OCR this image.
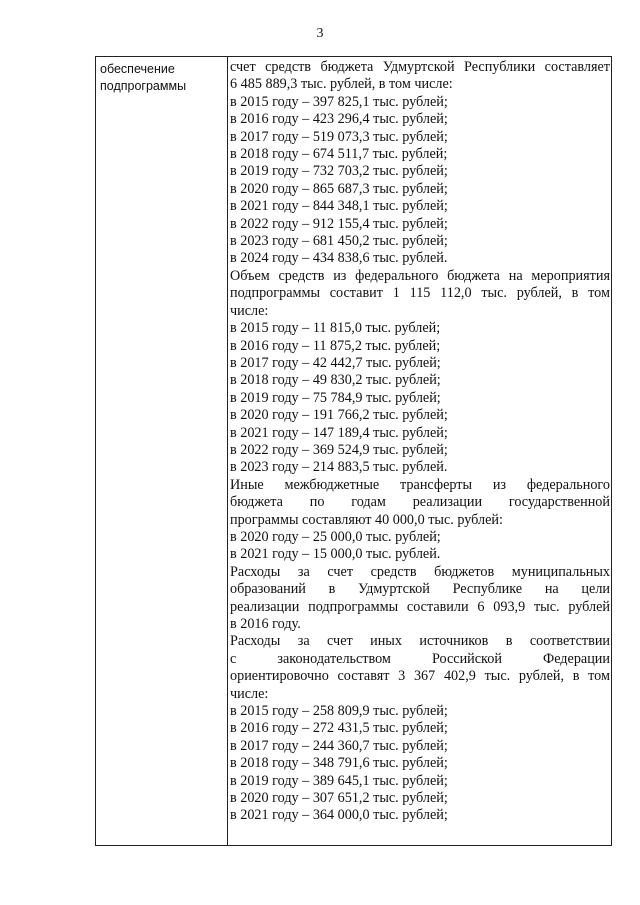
3
обеспечение
подпрограммы
счет средств бюджета Удмуртской Республики составляет
6 485 889,3 тыс. рублей, в том числе:
в 2015 году – 397 825,1 тыс. рублей;
в 2016 году – 423 296,4 тыс. рублей;
в 2017 году – 519 073,3 тыс. рублей;
в 2018 году – 674 511,7 тыс. рублей;
в 2019 году – 732 703,2 тыс. рублей;
в 2020 году – 865 687,3 тыс. рублей;
в 2021 году – 844 348,1 тыс. рублей;
в 2022 году – 912 155,4 тыс. рублей;
в 2023 году – 681 450,2 тыс. рублей;
в 2024 году – 434 838,6 тыс. рублей.
Объем средств из федерального бюджета на мероприятия
подпрограммы составит 1 115 112,0 тыс. рублей, в том
числе:
в 2015 году – 11 815,0 тыс. рублей;
в 2016 году – 11 875,2 тыс. рублей;
в 2017 году – 42 442,7 тыс. рублей;
в 2018 году – 49 830,2 тыс. рублей;
в 2019 году – 75 784,9 тыс. рублей;
в 2020 году – 191 766,2 тыс. рублей;
в 2021 году – 147 189,4 тыс. рублей;
в 2022 году – 369 524,9 тыс. рублей;
в 2023 году – 214 883,5 тыс. рублей.
Иные межбюджетные трансферты из федерального
бюджета по годам реализации государственной
программы составляют 40 000,0 тыс. рублей:
в 2020 году – 25 000,0 тыс. рублей;
в 2021 году – 15 000,0 тыс. рублей.
Расходы за счет средств бюджетов муниципальных
образований в Удмуртской Республике на цели
реализации подпрограммы составили 6 093,9 тыс. рублей
в 2016 году.
Расходы за счет иных источников в соответствии
с законодательством Российской Федерации
ориентировочно составят 3 367 402,9 тыс. рублей, в том
числе:
в 2015 году – 258 809,9 тыс. рублей;
в 2016 году – 272 431,5 тыс. рублей;
в 2017 году – 244 360,7 тыс. рублей;
в 2018 году – 348 791,6 тыс. рублей;
в 2019 году – 389 645,1 тыс. рублей;
в 2020 году – 307 651,2 тыс. рублей;
в 2021 году – 364 000,0 тыс. рублей;
